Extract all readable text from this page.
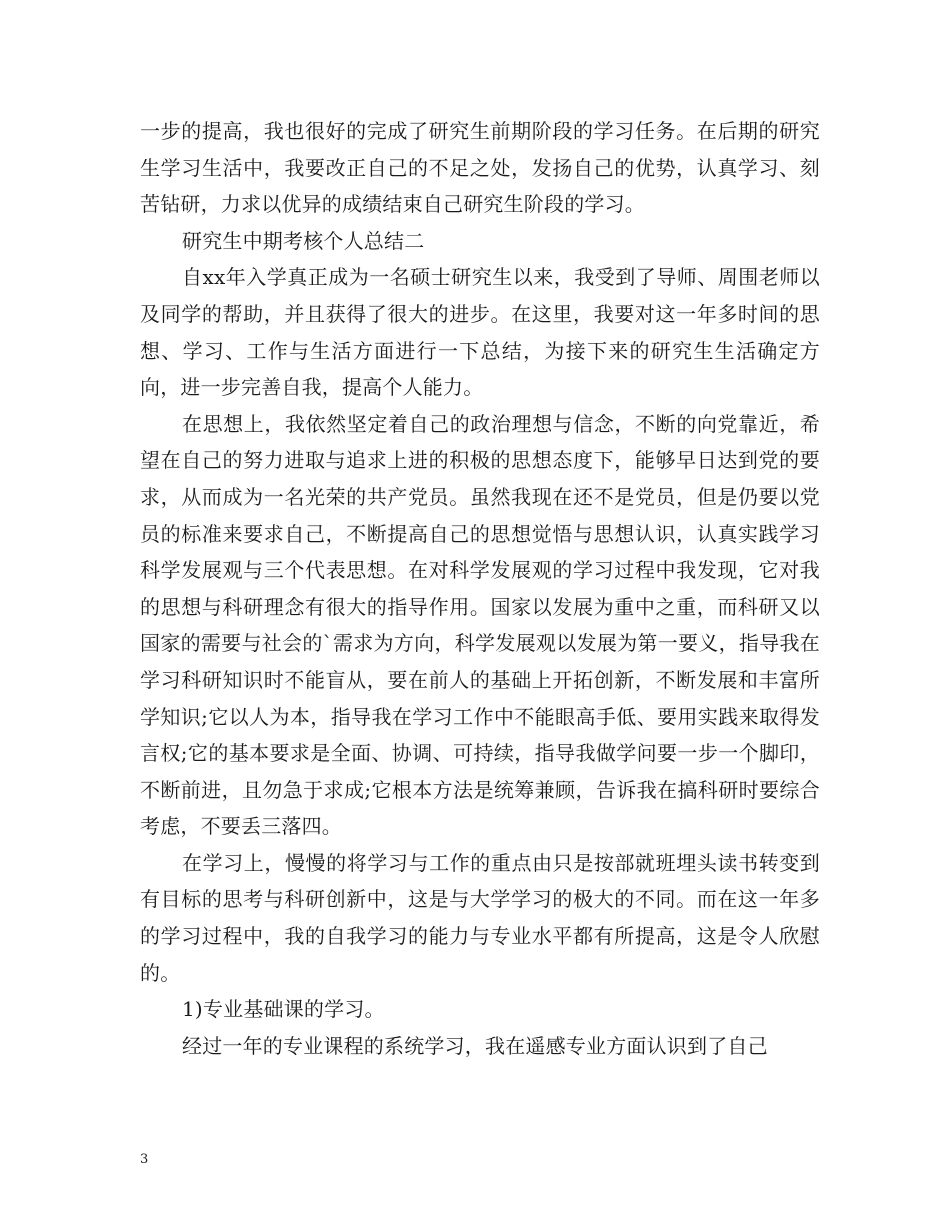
一步的提高，我也很好的完成了研究生前期阶段的学习任务。在后期的研究生学习生活中，我要改正自己的不足之处，发扬自己的优势，认真学习、刻苦钻研，力求以优异的成绩结束自己研究生阶段的学习。

研究生中期考核个人总结二

自xx年入学真正成为一名硕士研究生以来，我受到了导师、周围老师以及同学的帮助，并且获得了很大的进步。在这里，我要对这一年多时间的思想、学习、工作与生活方面进行一下总结，为接下来的研究生生活确定方向，进一步完善自我，提高个人能力。

在思想上，我依然坚定着自己的政治理想与信念，不断的向党靠近，希望在自己的努力进取与追求上进的积极的思想态度下，能够早日达到党的要求，从而成为一名光荣的共产党员。虽然我现在还不是党员，但是仍要以党员的标准来要求自己，不断提高自己的思想觉悟与思想认识，认真实践学习科学发展观与三个代表思想。在对科学发展观的学习过程中我发现，它对我的思想与科研理念有很大的指导作用。国家以发展为重中之重，而科研又以国家的需要与社会的`需求为方向，科学发展观以发展为第一要义，指导我在学习科研知识时不能盲从，要在前人的基础上开拓创新，不断发展和丰富所学知识;它以人为本，指导我在学习工作中不能眼高手低、要用实践来取得发言权;它的基本要求是全面、协调、可持续，指导我做学问要一步一个脚印，不断前进，且勿急于求成;它根本方法是统筹兼顾，告诉我在搞科研时要综合考虑，不要丢三落四。

在学习上，慢慢的将学习与工作的重点由只是按部就班埋头读书转变到有目标的思考与科研创新中，这是与大学学习的极大的不同。而在这一年多的学习过程中，我的自我学习的能力与专业水平都有所提高，这是令人欣慰的。

1)专业基础课的学习。

经过一年的专业课程的系统学习，我在遥感专业方面认识到了自己

3
